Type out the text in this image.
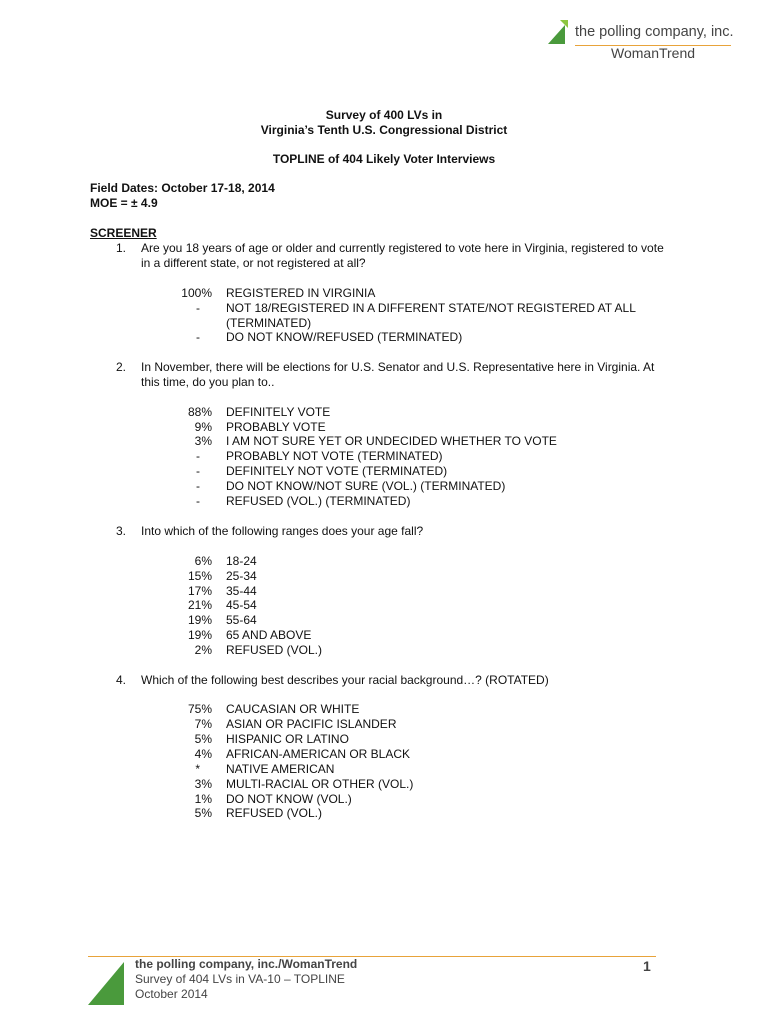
the polling company, inc.
WomanTrend
Survey of 400 LVs in
Virginia’s Tenth U.S. Congressional District
TOPLINE of 404 Likely Voter Interviews
Field Dates: October 17-18, 2014
MOE = ± 4.9
SCREENER
1. Are you 18 years of age or older and currently registered to vote here in Virginia, registered to vote in a different state, or not registered at all?
100% REGISTERED IN VIRGINIA
- NOT 18/REGISTERED IN A DIFFERENT STATE/NOT REGISTERED AT ALL (TERMINATED)
- DO NOT KNOW/REFUSED (TERMINATED)
2. In November, there will be elections for U.S. Senator and U.S. Representative here in Virginia. At this time, do you plan to..
88% DEFINITELY VOTE
9% PROBABLY VOTE
3% I AM NOT SURE YET OR UNDECIDED WHETHER TO VOTE
- PROBABLY NOT VOTE (TERMINATED)
- DEFINITELY NOT VOTE (TERMINATED)
- DO NOT KNOW/NOT SURE (VOL.) (TERMINATED)
- REFUSED (VOL.) (TERMINATED)
3. Into which of the following ranges does your age fall?
6% 18-24
15% 25-34
17% 35-44
21% 45-54
19% 55-64
19% 65 AND ABOVE
2% REFUSED (VOL.)
4. Which of the following best describes your racial background…? (ROTATED)
75% CAUCASIAN OR WHITE
7% ASIAN OR PACIFIC ISLANDER
5% HISPANIC OR LATINO
4% AFRICAN-AMERICAN OR BLACK
* NATIVE AMERICAN
3% MULTI-RACIAL OR OTHER (VOL.)
1% DO NOT KNOW (VOL.)
5% REFUSED (VOL.)
the polling company, inc./WomanTrend
Survey of 404 LVs in VA-10 – TOPLINE
October 2014
1
